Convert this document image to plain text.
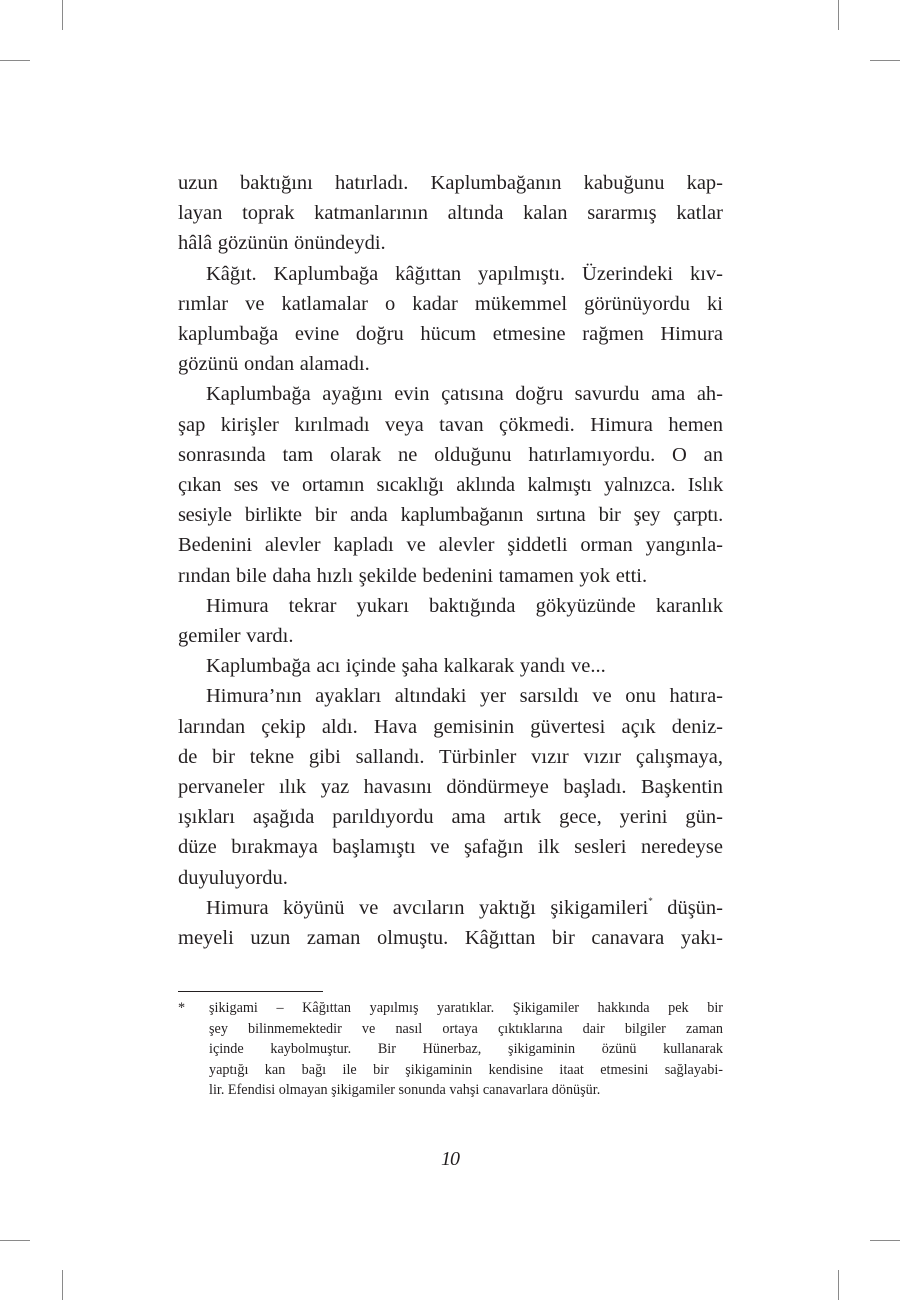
uzun baktığını hatırladı. Kaplumbağanın kabuğunu kap-
layan toprak katmanlarının altında kalan sararmış katlar
hâlâ gözünün önündeydi.

Kâğıt. Kaplumbağa kâğıttan yapılmıştı. Üzerindeki kıv-
rımlar ve katlamalar o kadar mükemmel görünüyordu ki
kaplumbağa evine doğru hücum etmesine rağmen Himura
gözünü ondan alamadı.

Kaplumbağa ayağını evin çatısına doğru savurdu ama ah-
şap kirişler kırılmadı veya tavan çökmedi. Himura hemen
sonrasında tam olarak ne olduğunu hatırlamıyordu. O an
çıkan ses ve ortamın sıcaklığı aklında kalmıştı yalnızca. Islık
sesiyle birlikte bir anda kaplumbağanın sırtına bir şey çarptı.
Bedenini alevler kapladı ve alevler şiddetli orman yangınla-
rından bile daha hızlı şekilde bedenini tamamen yok etti.

Himura tekrar yukarı baktığında gökyüzünde karanlık
gemiler vardı.

Kaplumbağa acı içinde şaha kalkarak yandı ve...

Himura’nın ayakları altındaki yer sarsıldı ve onu hatıra-
larından çekip aldı. Hava gemisinin güvertesi açık deniz-
de bir tekne gibi sallandı. Türbinler vızır vızır çalışmaya,
pervaneler ılık yaz havasını döndürmeye başladı. Başkentin
ışıkları aşağıda parıldıyordu ama artık gece, yerini gün-
düze bırakmaya başlamıştı ve şafağın ilk sesleri neredeyse
duyuluyordu.

Himura köyünü ve avcıların yaktığı şikigamileri* düşün-
meyeli uzun zaman olmuştu. Kâğıttan bir canavara yakı-

* şikigami – Kâğıttan yapılmış yaratıklar. Şikigamiler hakkında pek bir
şey bilinmemektedir ve nasıl ortaya çıktıklarına dair bilgiler zaman
içinde kaybolmuştur. Bir Hünerbaz, şikigaminin özünü kullanarak
yaptığı kan bağı ile bir şikigaminin kendisine itaat etmesini sağlayabi-
lir. Efendisi olmayan şikigamiler sonunda vahşi canavarlara dönüşür.
10
